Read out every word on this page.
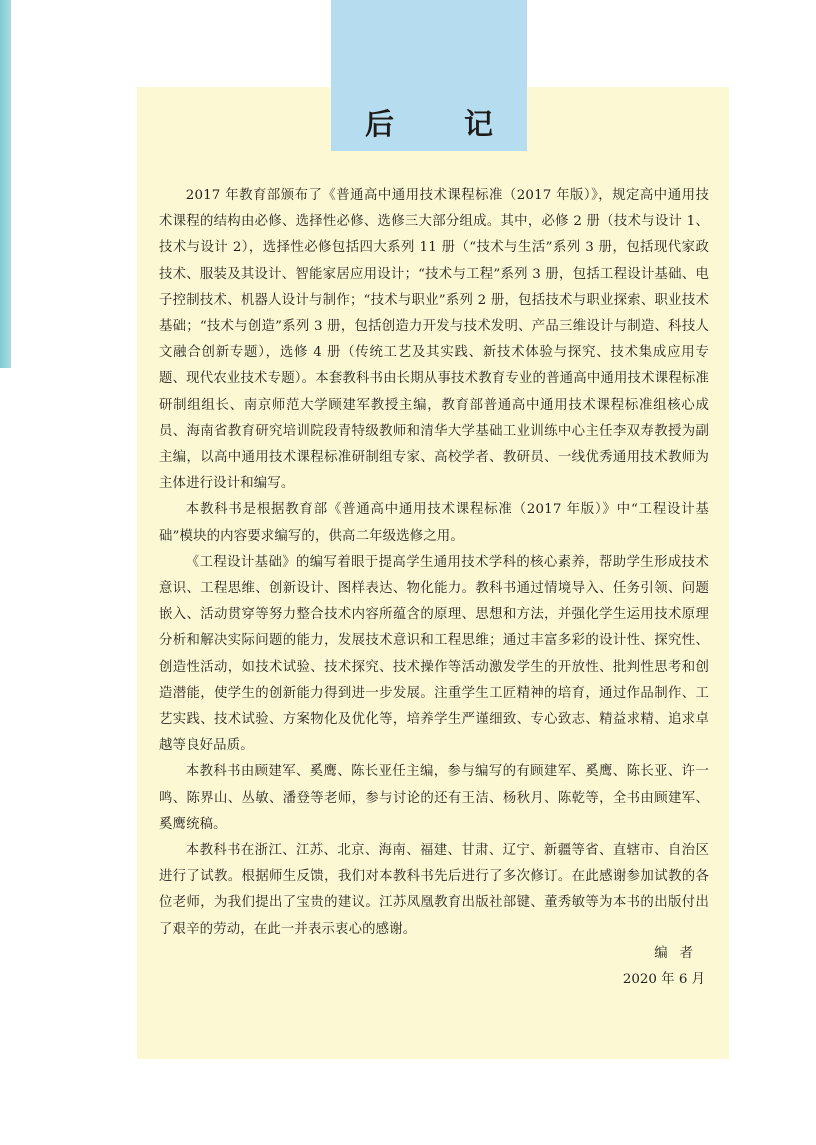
后 记

2017 年教育部颁布了《普通高中通用技术课程标准（2017 年版）》，规定高中通用技术课程的结构由必修、选择性必修、选修三大部分组成。其中，必修 2 册（技术与设计 1、技术与设计 2），选择性必修包括四大系列 11 册（“技术与生活”系列 3 册，包括现代家政技术、服装及其设计、智能家居应用设计；“技术与工程”系列 3 册，包括工程设计基础、电子控制技术、机器人设计与制作；“技术与职业”系列 2 册，包括技术与职业探索、职业技术基础；“技术与创造”系列 3 册，包括创造力开发与技术发明、产品三维设计与制造、科技人文融合创新专题），选修 4 册（传统工艺及其实践、新技术体验与探究、技术集成应用专题、现代农业技术专题）。本套教科书由长期从事技术教育专业的普通高中通用技术课程标准研制组组长、南京师范大学顾建军教授主编，教育部普通高中通用技术课程标准组核心成员、海南省教育研究培训院段青特级教师和清华大学基础工业训练中心主任李双寿教授为副主编，以高中通用技术课程标准研制组专家、高校学者、教研员、一线优秀通用技术教师为主体进行设计和编写。

本教科书是根据教育部《普通高中通用技术课程标准（2017 年版）》中“工程设计基础”模块的内容要求编写的，供高二年级选修之用。

《工程设计基础》的编写着眼于提高学生通用技术学科的核心素养，帮助学生形成技术意识、工程思维、创新设计、图样表达、物化能力。教科书通过情境导入、任务引领、问题嵌入、活动贯穿等努力整合技术内容所蕴含的原理、思想和方法，并强化学生运用技术原理分析和解决实际问题的能力，发展技术意识和工程思维；通过丰富多彩的设计性、探究性、创造性活动，如技术试验、技术探究、技术操作等活动激发学生的开放性、批判性思考和创造潜能，使学生的创新能力得到进一步发展。注重学生工匠精神的培育，通过作品制作、工艺实践、技术试验、方案物化及优化等，培养学生严谨细致、专心致志、精益求精、追求卓越等良好品质。

本教科书由顾建军、奚鹰、陈长亚任主编，参与编写的有顾建军、奚鹰、陈长亚、许一鸣、陈界山、丛敏、潘登等老师，参与讨论的还有王洁、杨秋月、陈乾等，全书由顾建军、奚鹰统稿。

本教科书在浙江、江苏、北京、海南、福建、甘肃、辽宁、新疆等省、直辖市、自治区进行了试教。根据师生反馈，我们对本教科书先后进行了多次修订。在此感谢参加试教的各位老师，为我们提出了宝贵的建议。江苏凤凰教育出版社部键、董秀敏等为本书的出版付出了艰辛的劳动，在此一并表示衷心的感谢。

编者
2020 年 6 月
